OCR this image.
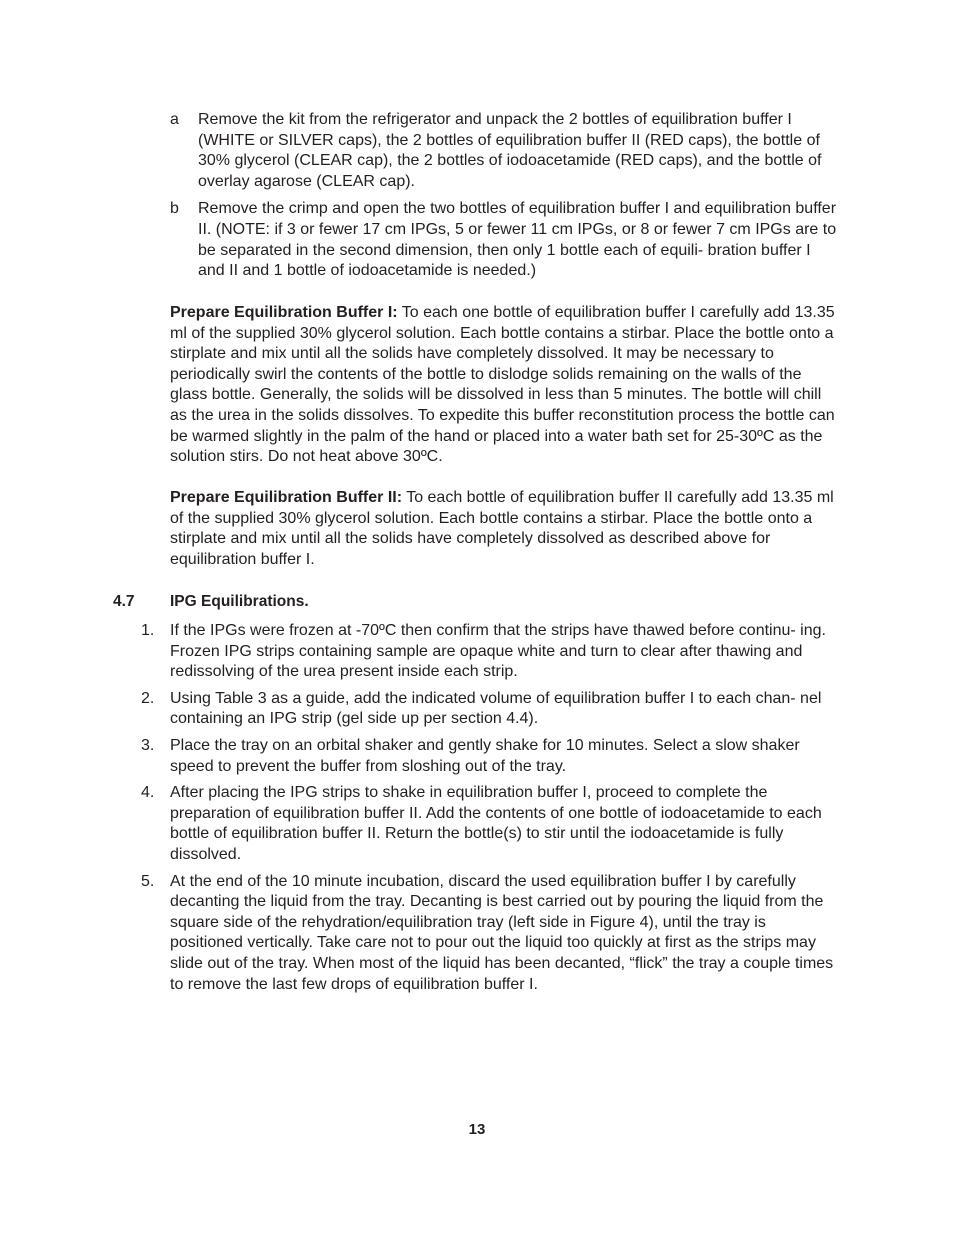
a Remove the kit from the refrigerator and unpack the 2 bottles of equilibration buffer I (WHITE or SILVER caps), the 2 bottles of equilibration buffer II (RED caps), the bottle of 30% glycerol (CLEAR cap), the 2 bottles of iodoacetamide (RED caps), and the bottle of overlay agarose (CLEAR cap).
b Remove the crimp and open the two bottles of equilibration buffer I and equilibration buffer II. (NOTE: if 3 or fewer 17 cm IPGs, 5 or fewer 11 cm IPGs, or 8 or fewer 7 cm IPGs are to be separated in the second dimension, then only 1 bottle each of equili- bration buffer I and II and 1 bottle of iodoacetamide is needed.)
Prepare Equilibration Buffer I: To each one bottle of equilibration buffer I carefully add 13.35 ml of the supplied 30% glycerol solution. Each bottle contains a stirbar. Place the bottle onto a stirplate and mix until all the solids have completely dissolved. It may be necessary to periodically swirl the contents of the bottle to dislodge solids remaining on the walls of the glass bottle. Generally, the solids will be dissolved in less than 5 minutes. The bottle will chill as the urea in the solids dissolves. To expedite this buffer reconstitution process the bottle can be warmed slightly in the palm of the hand or placed into a water bath set for 25-30ºC as the solution stirs. Do not heat above 30ºC.
Prepare Equilibration Buffer II: To each bottle of equilibration buffer II carefully add 13.35 ml of the supplied 30% glycerol solution. Each bottle contains a stirbar. Place the bottle onto a stirplate and mix until all the solids have completely dissolved as described above for equilibration buffer I.
4.7 IPG Equilibrations.
1. If the IPGs were frozen at -70ºC then confirm that the strips have thawed before continu- ing. Frozen IPG strips containing sample are opaque white and turn to clear after thawing and redissolving of the urea present inside each strip.
2. Using Table 3 as a guide, add the indicated volume of equilibration buffer I to each chan- nel containing an IPG strip (gel side up per section 4.4).
3. Place the tray on an orbital shaker and gently shake for 10 minutes. Select a slow shaker speed to prevent the buffer from sloshing out of the tray.
4. After placing the IPG strips to shake in equilibration buffer I, proceed to complete the preparation of equilibration buffer II. Add the contents of one bottle of iodoacetamide to each bottle of equilibration buffer II. Return the bottle(s) to stir until the iodoacetamide is fully dissolved.
5. At the end of the 10 minute incubation, discard the used equilibration buffer I by carefully decanting the liquid from the tray. Decanting is best carried out by pouring the liquid from the square side of the rehydration/equilibration tray (left side in Figure 4), until the tray is positioned vertically. Take care not to pour out the liquid too quickly at first as the strips may slide out of the tray. When most of the liquid has been decanted, “flick” the tray a couple times to remove the last few drops of equilibration buffer I.
13
